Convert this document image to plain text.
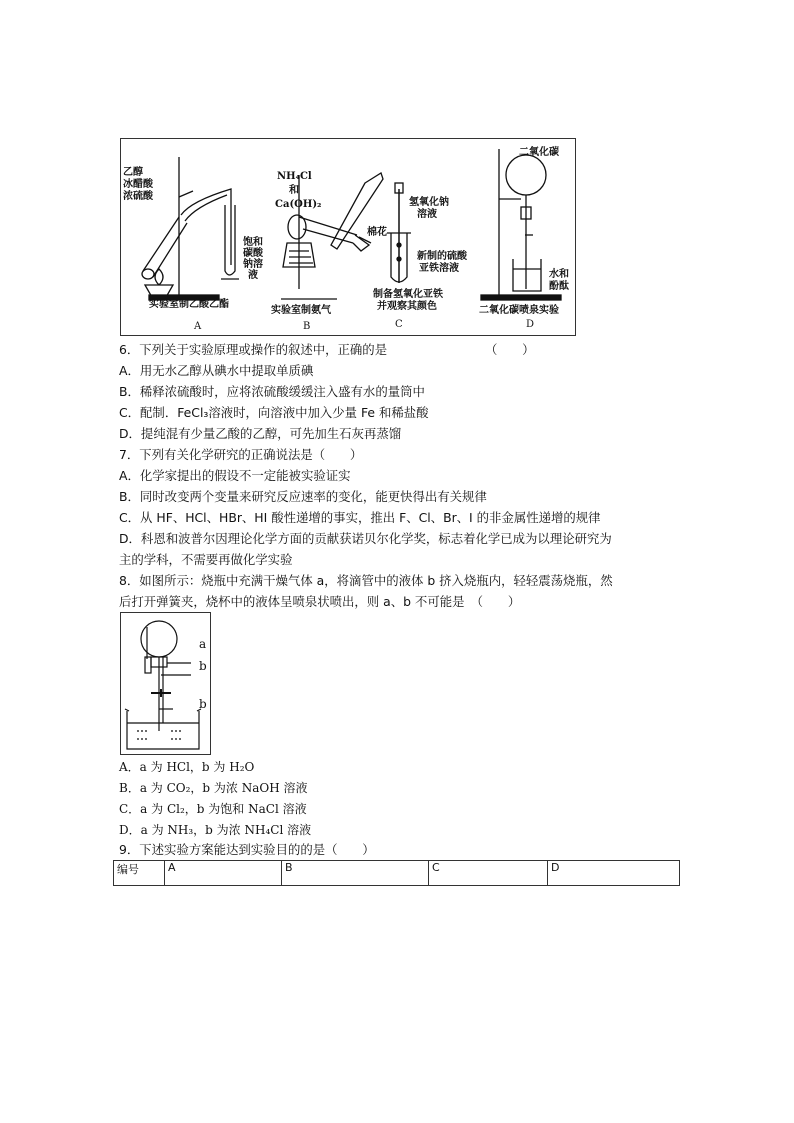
乙醇
冰醋酸
浓硫酸
饱和
碳酸
钠溶
液
实验室制乙酸乙酯
A
NH₄Cl
和
Ca(OH)₂
棉花
实验室制氨气
B
氢氧化钠
溶液
新制的硫酸
亚铁溶液
制备氢氧化亚铁
并观察其颜色
C
二氧化碳
水和
酚酞
二氧化碳喷泉实验
D
6．下列关于实验原理或操作的叙述中，正确的是	（　　）
A．用无水乙醇从碘水中提取单质碘
B．稀释浓硫酸时，应将浓硫酸缓缓注入盛有水的量筒中
C．配制．FeCl₃溶液时，向溶液中加入少量 Fe 和稀盐酸
D．提纯混有少量乙酸的乙醇，可先加生石灰再蒸馏
7．下列有关化学研究的正确说法是（　　）
A．化学家提出的假设不一定能被实验证实
B．同时改变两个变量来研究反应速率的变化，能更快得出有关规律
C．从 HF、HCl、HBr、HI 酸性递增的事实，推出 F、Cl、Br、I 的非金属性递增的规律
D．科恩和波普尔因理论化学方面的贡献获诺贝尔化学奖，标志着化学已成为以理论研究为
主的学科，不需要再做化学实验
8．如图所示：烧瓶中充满干燥气体 a，将滴管中的液体 b 挤入烧瓶内，轻轻震荡烧瓶，然
后打开弹簧夹，烧杯中的液体呈喷泉状喷出，则 a、b 不可能是　（　　）
a
b
b
A．a 为 HCl，b 为 H₂O
B．a 为 CO₂，b 为浓 NaOH 溶液
C．a 为 Cl₂，b 为饱和 NaCl 溶液
D．a 为 NH₃，b 为浓 NH₄Cl 溶液
9．下述实验方案能达到实验目的的是（　　）
编号	A	B	C	D
